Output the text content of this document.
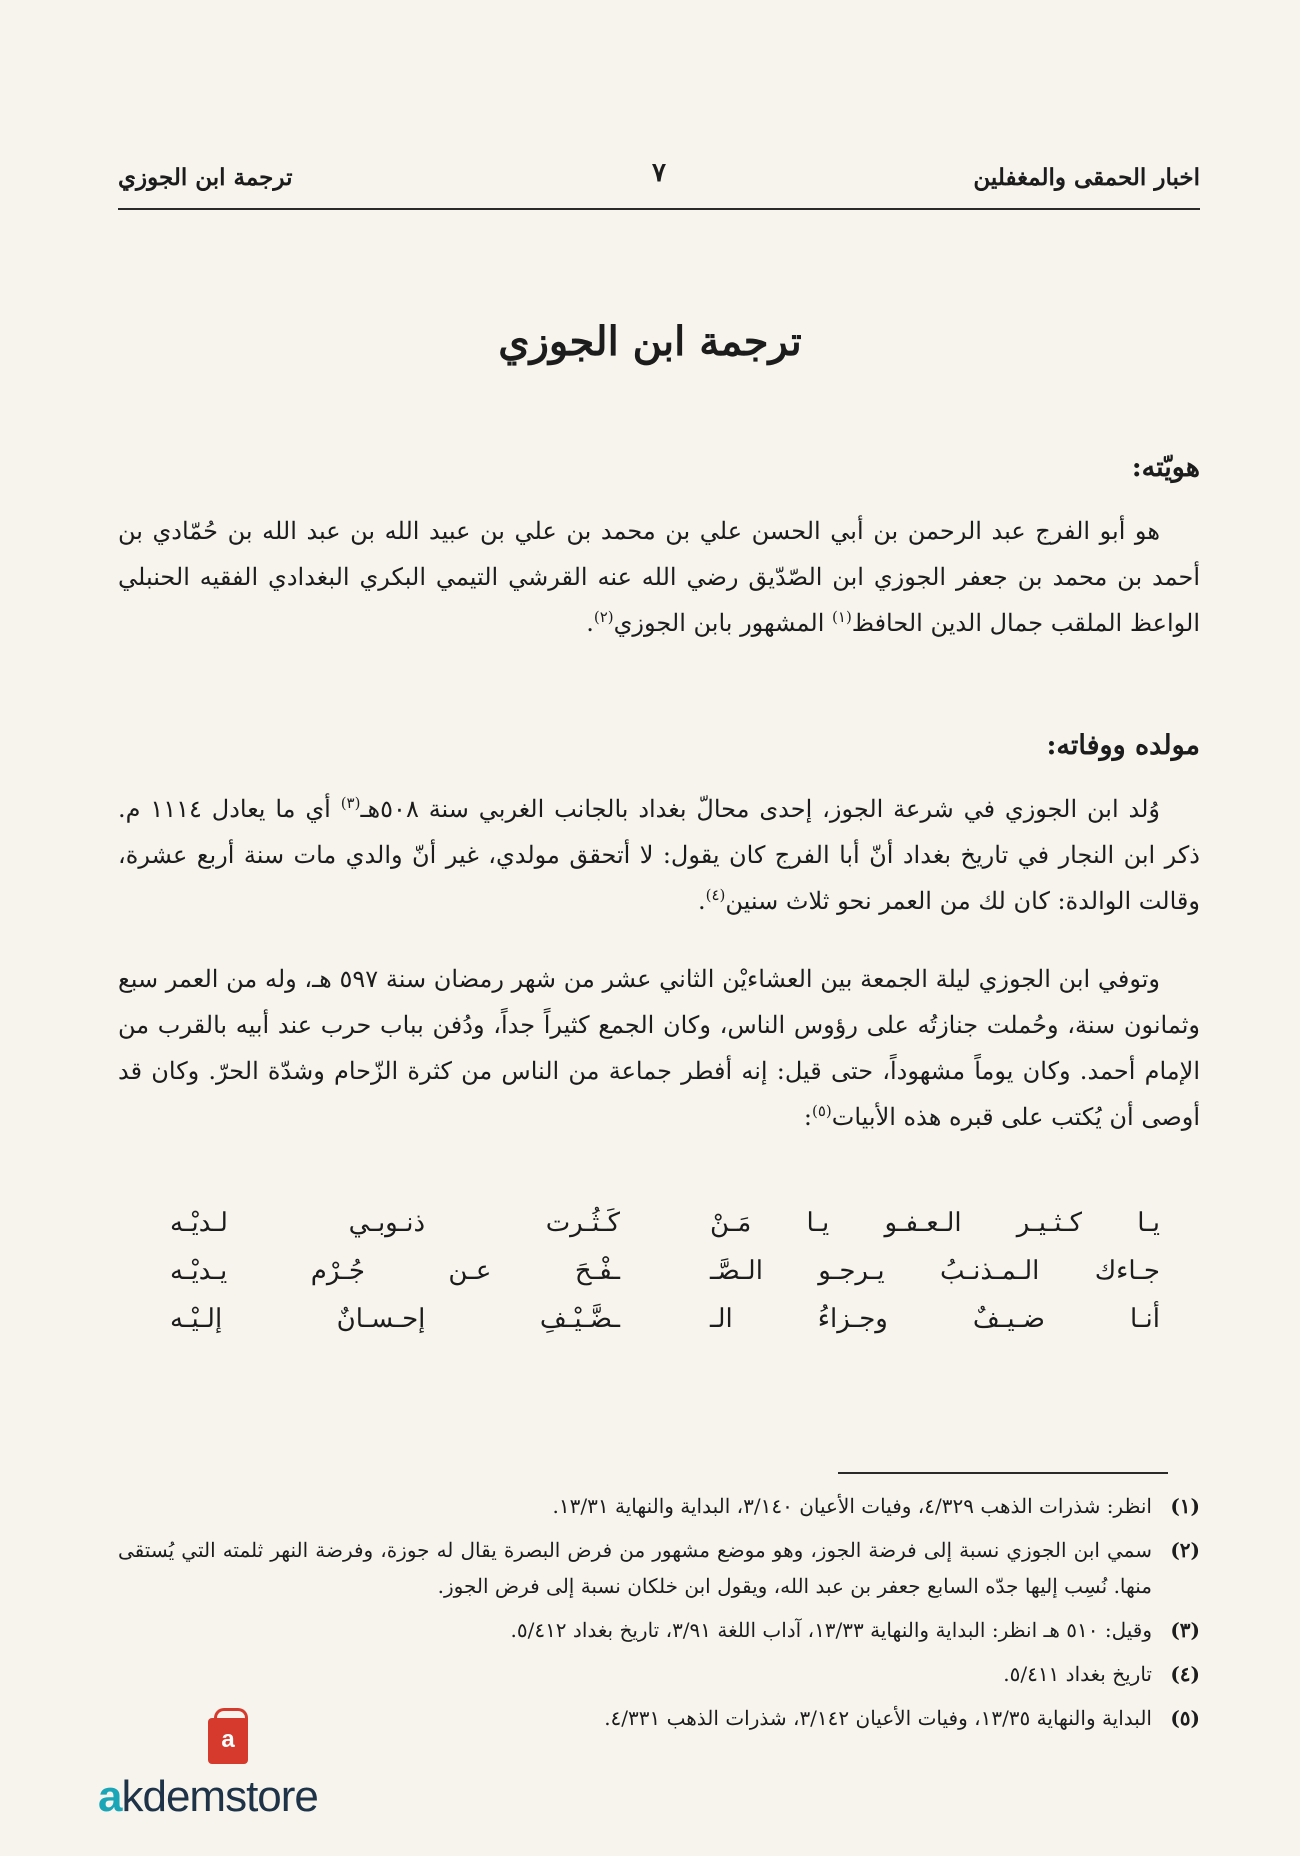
اخبار الحمقى والمغفلين
٧
ترجمة ابن الجوزي
ترجمة ابن الجوزي
هويّته:

هو أبو الفرج عبد الرحمن بن أبي الحسن علي بن محمد بن علي بن عبيد الله بن عبد الله بن حُمّادي بن أحمد بن محمد بن جعفر الجوزي ابن الصّدّيق رضي الله عنه القرشي التيمي البكري البغدادي الفقيه الحنبلي الواعظ الملقب جمال الدين الحافظ$^{(١)}$ المشهور بابن الجوزي$^{(٢)}$.

مولده ووفاته:

وُلد ابن الجوزي في شرعة الجوز، إحدى محالّ بغداد بالجانب الغربي سنة ٥٠٨هـ$^{(٣)}$ أي ما يعادل ١١١٤ م. ذكر ابن النجار في تاريخ بغداد أنّ أبا الفرج كان يقول: لا أتحقق مولدي، غير أنّ والدي مات سنة أربع عشرة، وقالت الوالدة: كان لك من العمر نحو ثلاث سنين$^{(٤)}$.

وتوفي ابن الجوزي ليلة الجمعة بين العشاءيْن الثاني عشر من شهر رمضان سنة ٥٩٧ هـ، وله من العمر سبع وثمانون سنة، وحُملت جنازتُه على رؤوس الناس، وكان الجمع كثيراً جداً، ودُفن بباب حرب عند أبيه بالقرب من الإمام أحمد. وكان يوماً مشهوداً، حتى قيل: إنه أفطر جماعة من الناس من كثرة الزّحام وشدّة الحرّ. وكان قد أوصى أن يُكتب على قبره هذه الأبيات$^{(٥)}$:

يـا كـثـيـر الـعـفـو يـا مَـنْ
كَـثُـرت ذنـوبـي لـديْـه
جـاءك الـمـذنـبُ يـرجـو الـصَّـ
ـفْـحَ عـن جُـرْم يـديْـه
أنـا ضـيـفٌ وجـزاءُ الـ
ـضَّـيْـفِ إحـسـانٌ إلـيْـه
(١)
انظر: شذرات الذهب ٤/٣٢٩، وفيات الأعيان ٣/١٤٠، البداية والنهاية ١٣/٣١.
(٢)
سمي ابن الجوزي نسبة إلى فرضة الجوز، وهو موضع مشهور من فرض البصرة يقال له جوزة، وفرضة النهر ثلمته التي يُستقى منها. نُسِب إليها جدّه السابع جعفر بن عبد الله، ويقول ابن خلكان نسبة إلى فرض الجوز.
(٣)
وقيل: ٥١٠ هـ انظر: البداية والنهاية ١٣/٣٣، آداب اللغة ٣/٩١، تاريخ بغداد ٥/٤١٢.
(٤)
تاريخ بغداد ٥/٤١١.
(٥)
البداية والنهاية ١٣/٣٥، وفيات الأعيان ٣/١٤٢، شذرات الذهب ٤/٣٣١.
a
akdemstore
